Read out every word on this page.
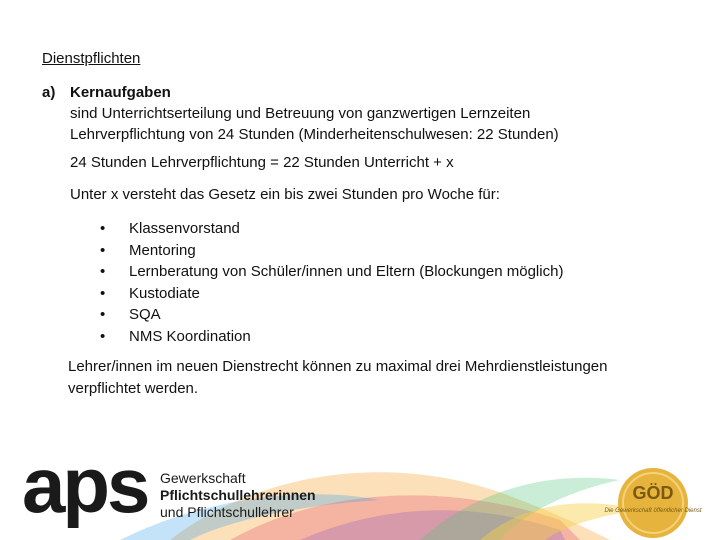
Dienstpflichten
a) Kernaufgaben
sind Unterrichtserteilung und Betreuung von ganzwertigen Lernzeiten
Lehrverpflichtung von 24 Stunden (Minderheitenschulwesen: 22 Stunden)
24 Stunden Lehrverpflichtung = 22 Stunden Unterricht + x
Unter x versteht das Gesetz ein bis zwei Stunden pro Woche für:
• Klassenvorstand
• Mentoring
• Lernberatung von Schüler/innen und Eltern (Blockungen möglich)
• Kustodiate
• SQA
• NMS Koordination
Lehrer/innen im neuen Dienstrecht können zu maximal drei Mehrdienstleistungen
verpflichtet werden.
aps Gewerkschaft
Pflichtschullehrerinnen
und Pflichtschullehrer
GÖD
Die Gewerkschaft öffentlicher Dienst
